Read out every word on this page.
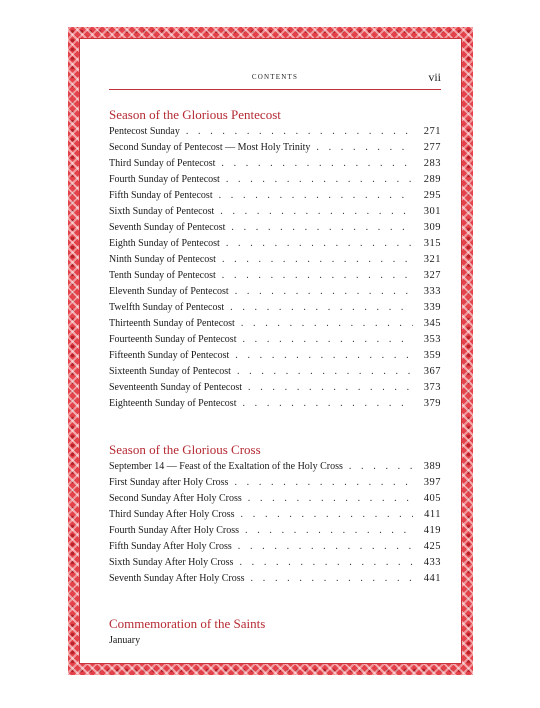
contents	vii
Season of the Glorious Pentecost
Pentecost Sunday . . .	271
Second Sunday of Pentecost — Most Holy Trinity . . .	277
Third Sunday of Pentecost . . .	283
Fourth Sunday of Pentecost . . .	289
Fifth Sunday of Pentecost . . .	295
Sixth Sunday of Pentecost . . .	301
Seventh Sunday of Pentecost . . .	309
Eighth Sunday of Pentecost . . .	315
Ninth Sunday of Pentecost . . .	321
Tenth Sunday of Pentecost . . .	327
Eleventh Sunday of Pentecost . . .	333
Twelfth Sunday of Pentecost . . .	339
Thirteenth Sunday of Pentecost . . .	345
Fourteenth Sunday of Pentecost . . .	353
Fifteenth Sunday of Pentecost . . .	359
Sixteenth Sunday of Pentecost . . .	367
Seventeenth Sunday of Pentecost . . .	373
Eighteenth Sunday of Pentecost . . .	379
Season of the Glorious Cross
September 14 — Feast of the Exaltation of the Holy Cross . . .	389
First Sunday after Holy Cross . . .	397
Second Sunday After Holy Cross . . .	405
Third Sunday After Holy Cross . . .	411
Fourth Sunday After Holy Cross . . .	419
Fifth Sunday After Holy Cross . . .	425
Sixth Sunday After Holy Cross . . .	433
Seventh Sunday After Holy Cross . . .	441
Commemoration of the Saints
January
